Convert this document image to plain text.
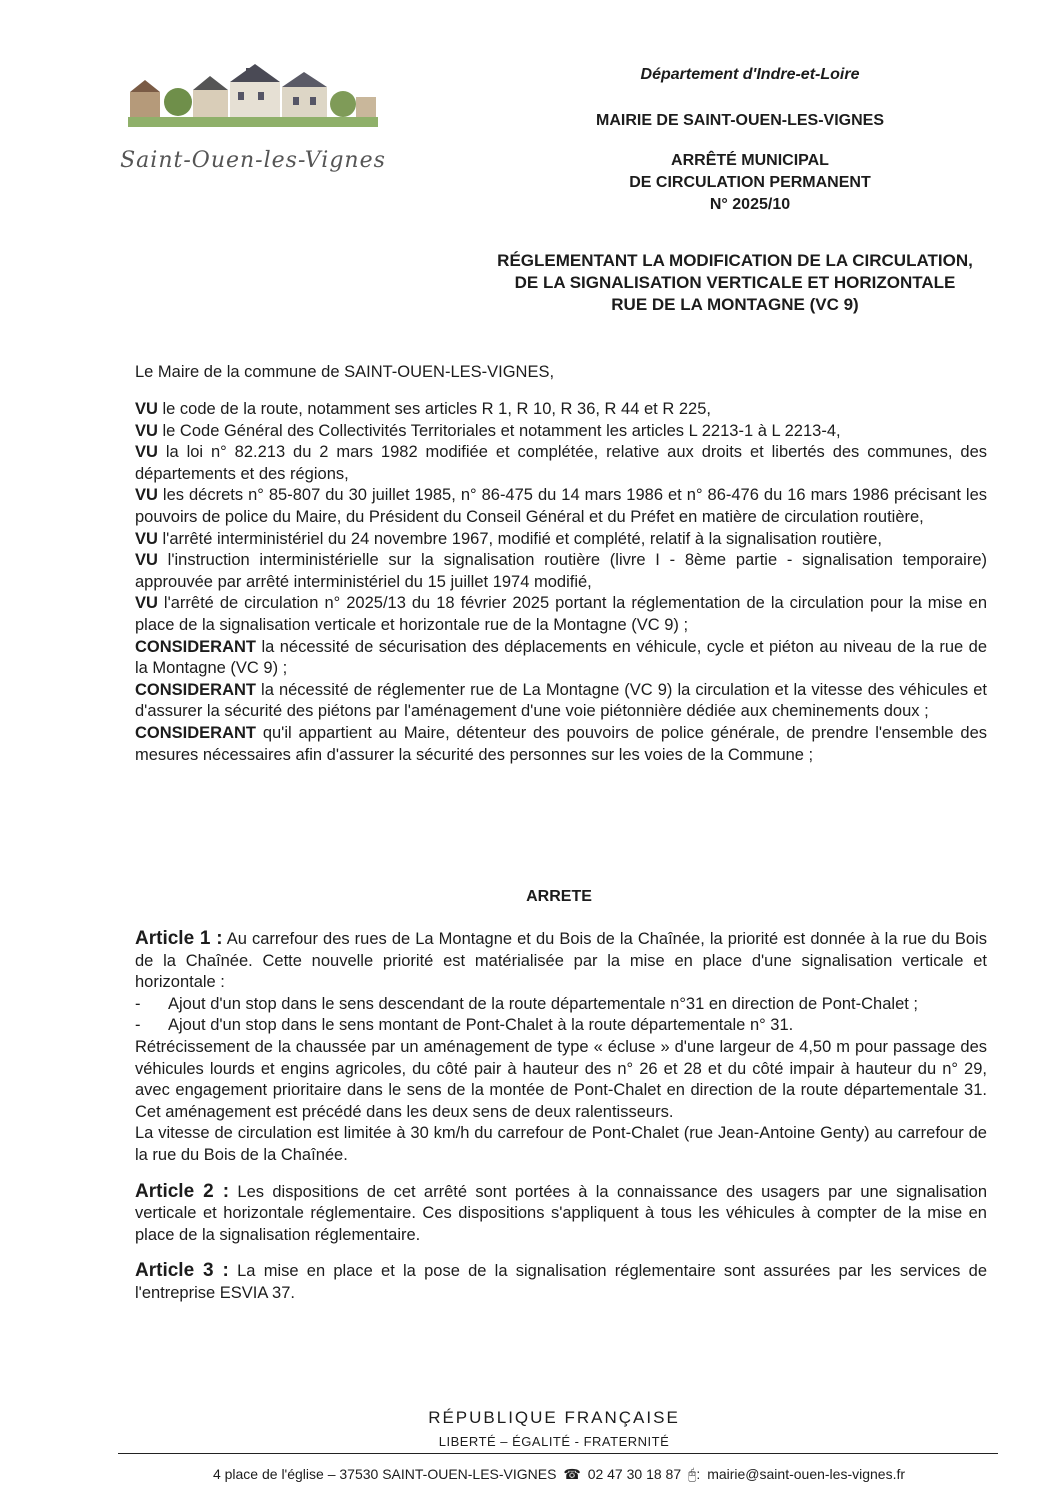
Saint-Ouen-les-Vignes
Département d'Indre-et-Loire
MAIRIE DE SAINT-OUEN-LES-VIGNES
ARRÊTÉ MUNICIPAL
DE CIRCULATION PERMANENT
N° 2025/10
RÉGLEMENTANT LA MODIFICATION DE LA CIRCULATION,
DE LA SIGNALISATION VERTICALE ET HORIZONTALE
RUE DE LA MONTAGNE (VC 9)
Le Maire de la commune de SAINT-OUEN-LES-VIGNES,

VU le code de la route, notamment ses articles R 1, R 10, R 36, R 44 et R 225,

VU le Code Général des Collectivités Territoriales et notamment les articles L 2213-1 à L 2213-4,

VU la loi n° 82.213 du 2 mars 1982 modifiée et complétée, relative aux droits et libertés des communes, des départements et des régions,

VU les décrets n° 85-807 du 30 juillet 1985, n° 86-475 du 14 mars 1986 et n° 86-476 du 16 mars 1986 précisant les pouvoirs de police du Maire, du Président du Conseil Général et du Préfet en matière de circulation routière,

VU l'arrêté interministériel du 24 novembre 1967, modifié et complété, relatif à la signalisation routière,

VU l'instruction interministérielle sur la signalisation routière (livre I - 8ème partie - signalisation temporaire) approuvée par arrêté interministériel du 15 juillet 1974 modifié,

VU l'arrêté de circulation n° 2025/13 du 18 février 2025 portant la réglementation de la circulation pour la mise en place de la signalisation verticale et horizontale rue de la Montagne (VC 9) ;

CONSIDERANT la nécessité de sécurisation des déplacements en véhicule, cycle et piéton au niveau de la rue de la Montagne (VC 9) ;

CONSIDERANT la nécessité de réglementer rue de La Montagne (VC 9) la circulation et la vitesse des véhicules et d'assurer la sécurité des piétons par l'aménagement d'une voie piétonnière dédiée aux cheminements doux ;

CONSIDERANT qu'il appartient au Maire, détenteur des pouvoirs de police générale, de prendre l'ensemble des mesures nécessaires afin d'assurer la sécurité des personnes sur les voies de la Commune ;

ARRETE

Article 1 : Au carrefour des rues de La Montagne et du Bois de la Chaînée, la priorité est donnée à la rue du Bois de la Chaînée. Cette nouvelle priorité est matérialisée par la mise en place d'une signalisation verticale et horizontale :

-	Ajout d'un stop dans le sens descendant de la route départementale n°31 en direction de Pont-Chalet ;
-	Ajout d'un stop dans le sens montant de Pont-Chalet à la route départementale n° 31.

Rétrécissement de la chaussée par un aménagement de type « écluse » d'une largeur de 4,50 m pour passage des véhicules lourds et engins agricoles, du côté pair à hauteur des n° 26 et 28 et du côté impair à hauteur du n° 29, avec engagement prioritaire dans le sens de la montée de Pont-Chalet en direction de la route départementale 31. Cet aménagement est précédé dans les deux sens de deux ralentisseurs.

La vitesse de circulation est limitée à 30 km/h du carrefour de Pont-Chalet (rue Jean-Antoine Genty) au carrefour de la rue du Bois de la Chaînée.

Article 2 : Les dispositions de cet arrêté sont portées à la connaissance des usagers par une signalisation verticale et horizontale réglementaire. Ces dispositions s'appliquent à tous les véhicules à compter de la mise en place de la signalisation réglementaire.

Article 3 : La mise en place et la pose de la signalisation réglementaire sont assurées par les services de l'entreprise ESVIA 37.

RÉPUBLIQUE FRANÇAISE
LIBERTÉ – ÉGALITÉ - FRATERNITÉ
4 place de l'église – 37530 SAINT-OUEN-LES-VIGNES ☎ 02 47 30 18 87 🖰: mairie@saint-ouen-les-vignes.fr
